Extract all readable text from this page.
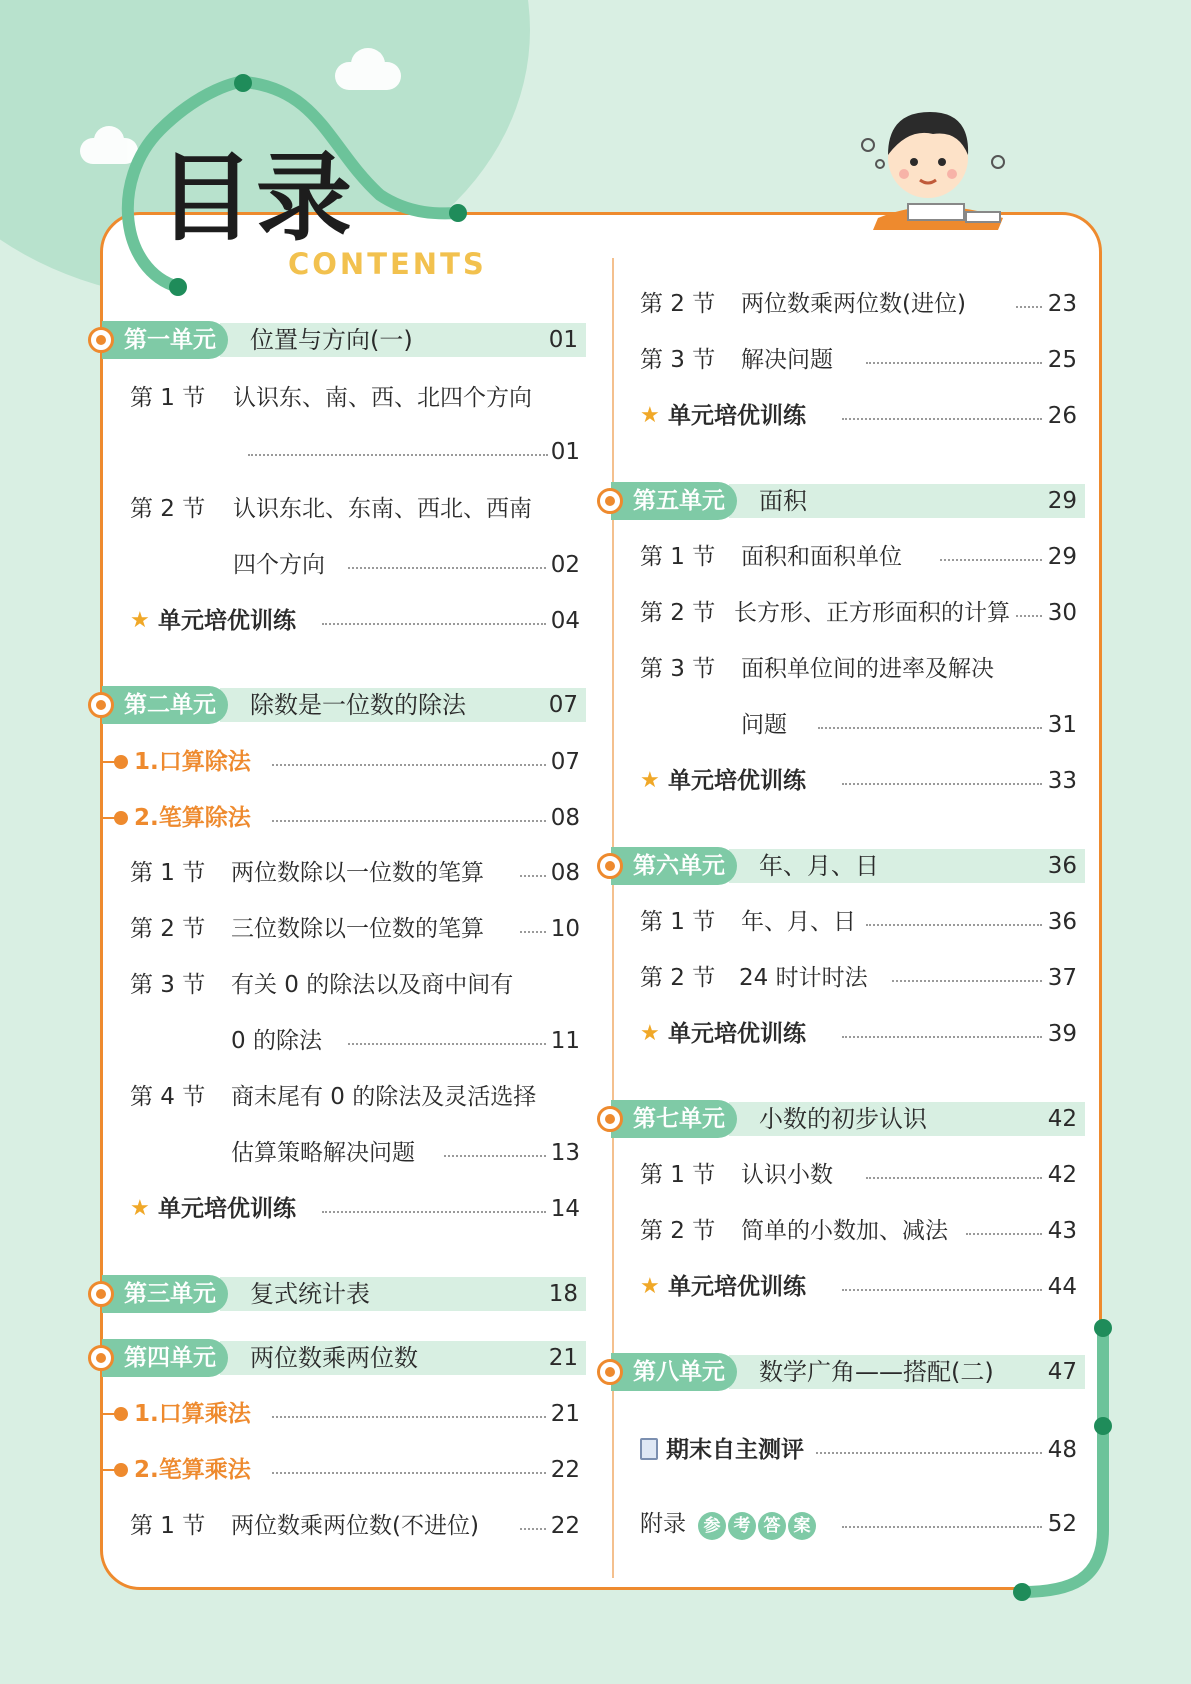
目录
CONTENTS
第一单元	位置与方向(一)	01
第 1 节 认识东、南、西、北四个方向
01
第 2 节 认识东北、东南、西北、西南
四个方向	02
★ 单元培优训练	04
第二单元	除数是一位数的除法	07
1.口算除法	07
2.笔算除法	08
第 1 节 两位数除以一位数的笔算	08
第 2 节 三位数除以一位数的笔算	10
第 3 节 有关 0 的除法以及商中间有
0 的除法	11
第 4 节 商末尾有 0 的除法及灵活选择
估算策略解决问题	13
★ 单元培优训练	14
第三单元	复式统计表	18
第四单元	两位数乘两位数	21
1.口算乘法	21
2.笔算乘法	22
第 1 节 两位数乘两位数(不进位)	22
第 2 节 两位数乘两位数(进位)	23
第 3 节 解决问题	25
★ 单元培优训练	26
第五单元	面积	29
第 1 节 面积和面积单位	29
第 2 节 长方形、正方形面积的计算 30
第 3 节 面积单位间的进率及解决
问题	31
★ 单元培优训练	33
第六单元	年、月、日	36
第 1 节 年、月、日	36
第 2 节 24 时计时法	37
★ 单元培优训练	39
第七单元	小数的初步认识	42
第 1 节 认识小数	42
第 2 节 简单的小数加、减法	43
★ 单元培优训练	44
第八单元	数学广角——搭配(二) 47
期末自主测评	48
附录	参 考 答 案	52
